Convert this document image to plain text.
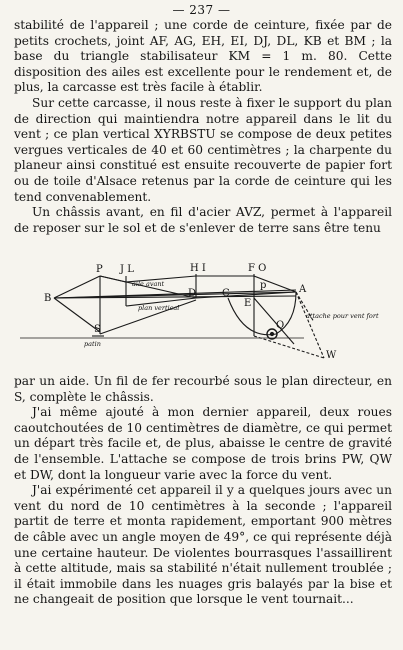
— 237 —

stabilité de l'appareil ; une corde de ceinture, fixée par de petits crochets, joint AF, AG, EH, EI, DJ, DL, KB et BM ; la base du triangle stabilisateur KM = 1 m. 80. Cette disposition des ailes est excellente pour le rendement et, de plus, la carcasse est très facile à établir.

Sur cette carcasse, il nous reste à fixer le support du plan de direction qui maintiendra notre appareil dans le lit du vent ; ce plan vertical XYRBSTU se compose de deux petites vergues verticales de 40 et 60 centimètres ; la charpente du planeur ainsi constitué est ensuite recouverte de papier fort ou de toile d'Alsace retenus par la corde de ceinture qui les tend convenablement.

Un châssis avant, en fil d'acier AVZ, permet à l'appareil de reposer sur le sol et de s'enlever de terre sans être tenu

P J L	H I	F O
B	D	C	A
S
E
p
Q
W
aile avant
plan vertical
patin
attache pour vent fort

par un aide. Un fil de fer recourbé sous le plan directeur, en S, complète le châssis.

J'ai même ajouté à mon dernier appareil, deux roues caoutchoutées de 10 centimètres de diamètre, ce qui permet un départ très facile et, de plus, abaisse le centre de gravité de l'ensemble. L'attache se compose de trois brins PW, QW et DW, dont la longueur varie avec la force du vent.

J'ai expérimenté cet appareil il y a quelques jours avec un vent du nord de 10 centimètres à la seconde ; l'appareil partit de terre et monta rapidement, emportant 900 mètres de câble avec un angle moyen de 49°, ce qui représente déjà une certaine hauteur. De violentes bourrasques l'assaillirent à cette altitude, mais sa stabilité n'était nullement troublée ; il était immobile dans les nuages gris balayés par la bise et ne changeait de position que lorsque le vent tournait...
